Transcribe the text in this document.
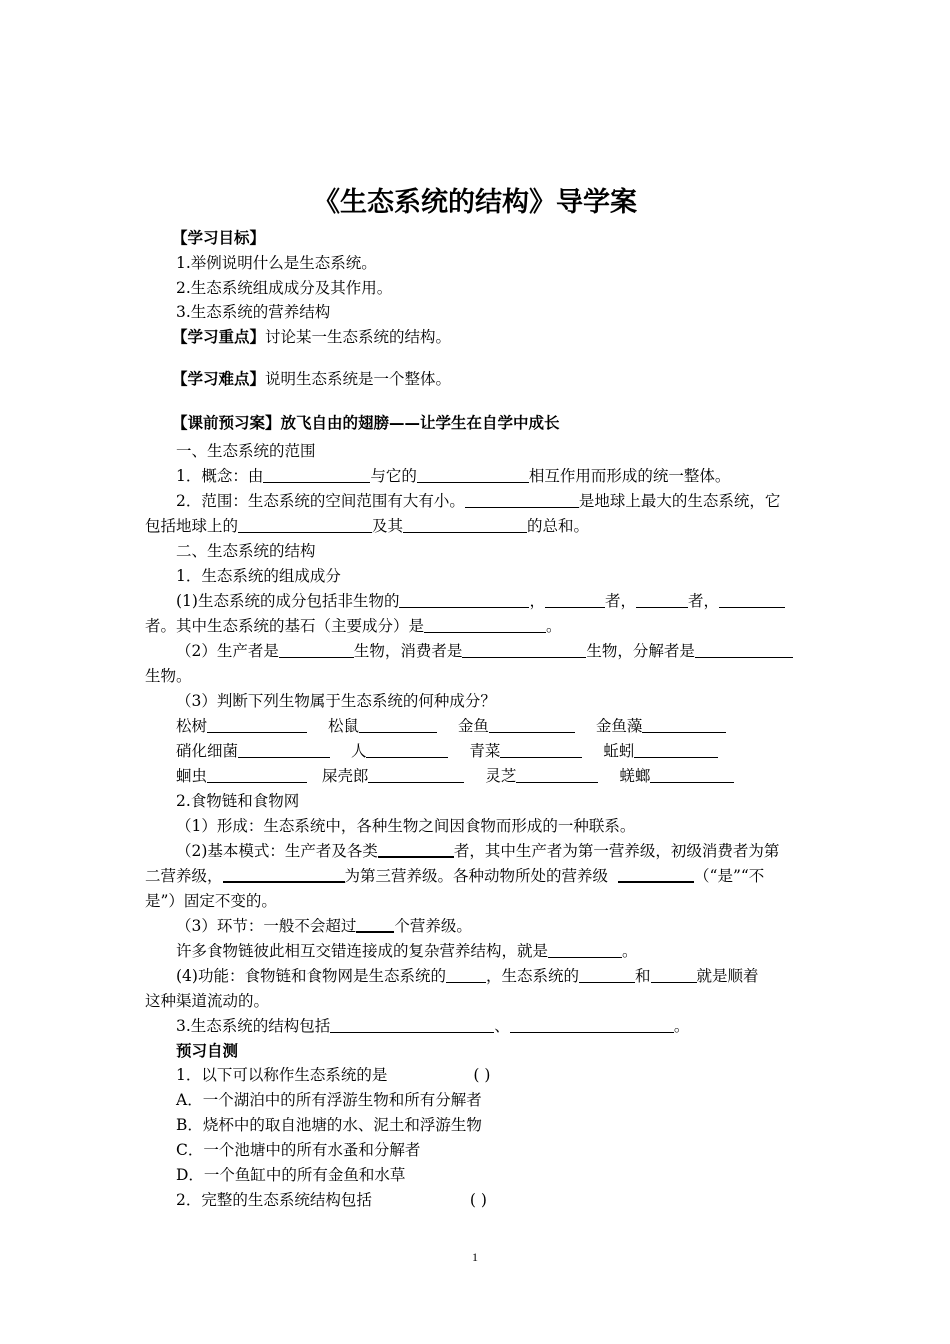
《生态系统的结构》导学案
【学习目标】
1.举例说明什么是生态系统。
2.生态系统组成成分及其作用。
3.生态系统的营养结构
【学习重点】讨论某一生态系统的结构。
【学习难点】说明生态系统是一个整体。
【课前预习案】放飞自由的翅膀——让学生在自学中成长
一、生态系统的范围
1．概念：由	与它的	相互作用而形成的统一整体。
2．范围：生态系统的空间范围有大有小。	是地球上最大的生态系统，它
包括地球上的	及其	的总和。
二、生态系统的结构
1．生态系统的组成成分
(1)生态系统的成分包括非生物的	，	者，	者，
者。其中生态系统的基石（主要成分）是	。
（2）生产者是	生物，消费者是	生物，分解者是
生物。
（3）判断下列生物属于生态系统的何种成分？
松树	松鼠	金鱼	金鱼藻
硝化细菌	人	青菜	蚯蚓
蛔虫	屎壳郎	灵芝	蜣螂
2.食物链和食物网
（1）形成：生态系统中，各种生物之间因食物而形成的一种联系。
（2)基本模式：生产者及各类	者，其中生产者为第一营养级，初级消费者为第
二营养级，	为第三营养级。各种动物所处的营养级	（“是”“不
是”）固定不变的。
（3）环节：一般不会超过 个营养级。
许多食物链彼此相互交错连接成的复杂营养结构，就是	。
(4)功能：食物链和食物网是生态系统的	，生态系统的	和	就是顺着
这种渠道流动的。
3.生态系统的结构包括	、	。
预习自测
1．以下可以称作生态系统的是	( )
A．一个湖泊中的所有浮游生物和所有分解者
B．烧杯中的取自池塘的水、泥土和浮游生物
C．一个池塘中的所有水蚤和分解者
D．一个鱼缸中的所有金鱼和水草
2．完整的生态系统结构包括	( )
1
